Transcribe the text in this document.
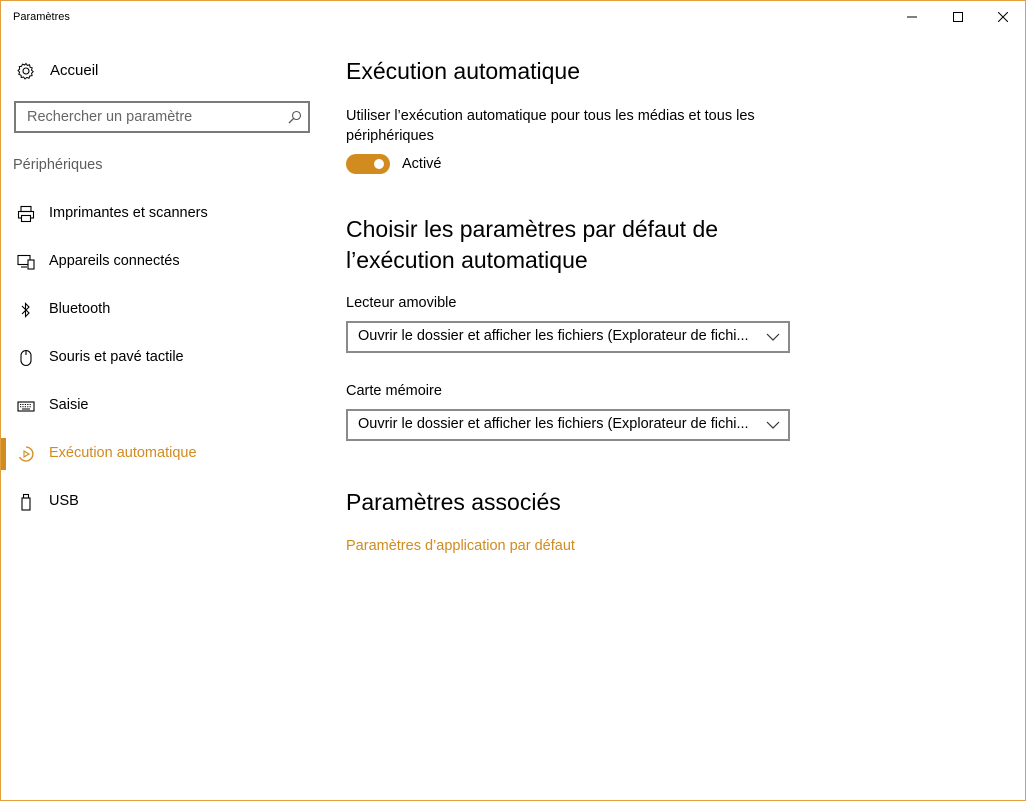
Paramètres
Accueil
Rechercher un paramètre
Périphériques
Imprimantes et scanners
Appareils connectés
Bluetooth
Souris et pavé tactile
Saisie
Exécution automatique
USB
Exécution automatique
Utiliser l’exécution automatique pour tous les médias et tous les périphériques
Activé
Choisir les paramètres par défaut de l’exécution automatique
Lecteur amovible
Ouvrir le dossier et afficher les fichiers (Explorateur de fichi...
Carte mémoire
Ouvrir le dossier et afficher les fichiers (Explorateur de fichi...
Paramètres associés
Paramètres d’application par défaut
